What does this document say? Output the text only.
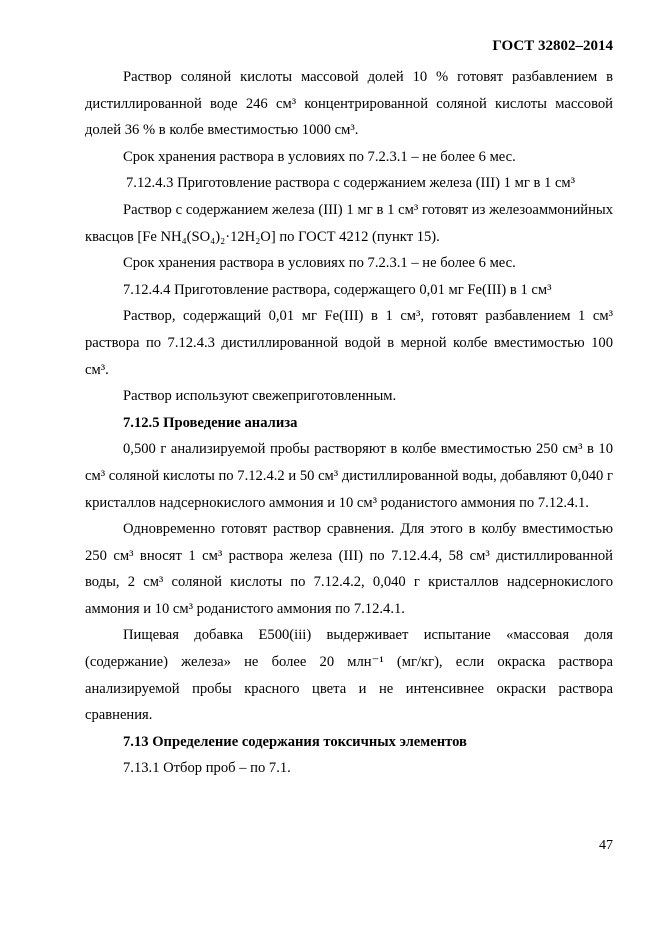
ГОСТ 32802–2014

Раствор соляной кислоты массовой долей 10 % готовят разбавлением в дистиллированной воде 246 см³ концентрированной соляной кислоты массовой долей 36 % в колбе вместимостью 1000 см³.

Срок хранения раствора в условиях по 7.2.3.1 – не более 6 мес.

7.12.4.3 Приготовление раствора с содержанием железа (III) 1 мг в 1 см³

Раствор с содержанием железа (III) 1 мг в 1 см³ готовят из железоаммонийных квасцов [Fe NH₄(SO₄)₂·12H₂O] по ГОСТ 4212 (пункт 15).

Срок хранения раствора в условиях по 7.2.3.1 – не более 6 мес.

7.12.4.4 Приготовление раствора, содержащего 0,01 мг Fe(III) в 1 см³

Раствор, содержащий 0,01 мг Fe(III) в 1 см³, готовят разбавлением 1 см³ раствора по 7.12.4.3 дистиллированной водой в мерной колбе вместимостью 100 см³.

Раствор используют свежеприготовленным.

7.12.5 Проведение анализа

0,500 г анализируемой пробы растворяют в колбе вместимостью 250 см³ в 10 см³ соляной кислоты по 7.12.4.2 и 50 см³ дистиллированной воды, добавляют 0,040 г кристаллов надсернокислого аммония и 10 см³ роданистого аммония по 7.12.4.1.

Одновременно готовят раствор сравнения. Для этого в колбу вместимостью 250 см³ вносят 1 см³ раствора железа (III) по 7.12.4.4, 58 см³ дистиллированной воды, 2 см³ соляной кислоты по 7.12.4.2, 0,040 г кристаллов надсернокислого аммония и 10 см³ роданистого аммония по 7.12.4.1.

Пищевая добавка E500(iii) выдерживает испытание «массовая доля (содержание) железа» не более 20 млн⁻¹ (мг/кг), если окраска раствора анализируемой пробы красного цвета и не интенсивнее окраски раствора сравнения.

7.13 Определение содержания токсичных элементов

7.13.1 Отбор проб – по 7.1.

47
